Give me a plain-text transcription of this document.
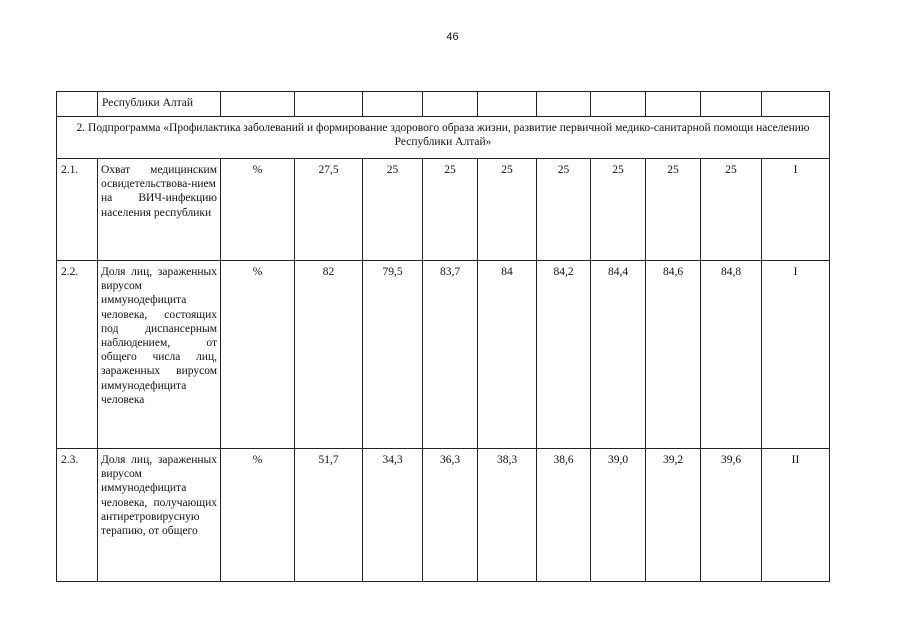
46
	Республики Алтай										
2. Подпрограмма «Профилактика заболеваний и формирование здорового образа жизни, развитие первичной медико-санитарной помощи населению Республики Алтай»											
2.1.	Охват медицинским освидетельствова-нием на ВИЧ-инфекцию населения республики	%	27,5	25	25	25	25	25	25	25	I
2.2.	Доля лиц, зараженных вирусом иммунодефицита человека, состоящих под диспансерным наблюдением, от общего числа лиц, зараженных вирусом иммунодефицита человека	%	82	79,5	83,7	84	84,2	84,4	84,6	84,8	I
2.3.	Доля лиц, зараженных вирусом иммунодефицита человека, получающих антиретровирусную терапию, от общего	%	51,7	34,3	36,3	38,3	38,6	39,0	39,2	39,6	II
